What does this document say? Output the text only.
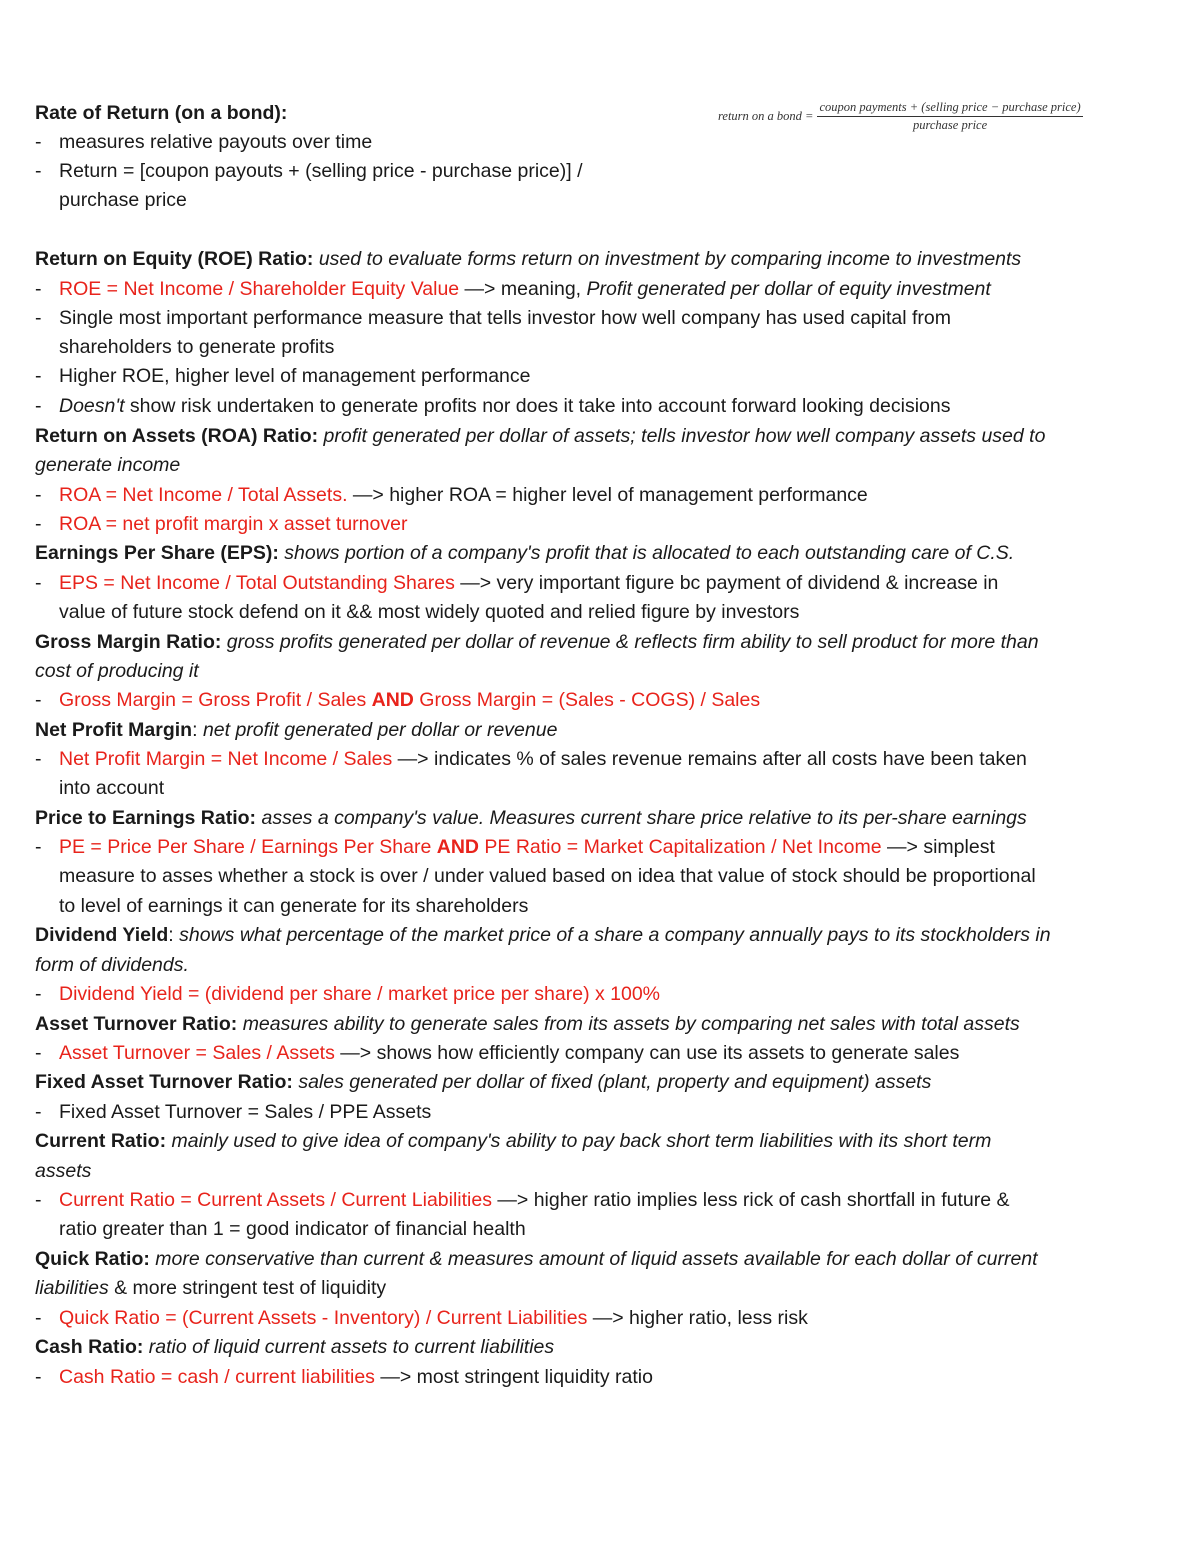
return on a bond = $\frac{\text{coupon payments + (selling price − purchase price)}}{\text{purchase price}}$
Rate of Return (on a bond):
- measures relative payouts over time
- Return = [coupon payouts + (selling price - purchase price)] /
purchase price
Return on Equity (ROE) Ratio: used to evaluate forms return on investment by comparing income to investments
- ROE = Net Income / Shareholder Equity Value —> meaning, Profit generated per dollar of equity investment
- Single most important performance measure that tells investor how well company has used capital from
shareholders to generate profits
- Higher ROE, higher level of management performance
- Doesn't show risk undertaken to generate profits nor does it take into account forward looking decisions
Return on Assets (ROA) Ratio: profit generated per dollar of assets; tells investor how well company assets used to
generate income
- ROA = Net Income / Total Assets. —> higher ROA = higher level of management performance
- ROA = net profit margin x asset turnover
Earnings Per Share (EPS): shows portion of a company's profit that is allocated to each outstanding care of C.S.
- EPS = Net Income / Total Outstanding Shares —> very important figure bc payment of dividend & increase in
value of future stock defend on it && most widely quoted and relied figure by investors
Gross Margin Ratio: gross profits generated per dollar of revenue & reflects firm ability to sell product for more than
cost of producing it
- Gross Margin = Gross Profit / Sales AND Gross Margin = (Sales - COGS) / Sales
Net Profit Margin: net profit generated per dollar or revenue
- Net Profit Margin = Net Income / Sales —> indicates % of sales revenue remains after all costs have been taken
into account
Price to Earnings Ratio: asses a company's value. Measures current share price relative to its per-share earnings
- PE = Price Per Share / Earnings Per Share AND PE Ratio = Market Capitalization / Net Income —> simplest
measure to asses whether a stock is over / under valued based on idea that value of stock should be proportional
to level of earnings it can generate for its shareholders
Dividend Yield: shows what percentage of the market price of a share a company annually pays to its stockholders in
form of dividends.
- Dividend Yield = (dividend per share / market price per share) x 100%
Asset Turnover Ratio: measures ability to generate sales from its assets by comparing net sales with total assets
- Asset Turnover = Sales / Assets —> shows how efficiently company can use its assets to generate sales
Fixed Asset Turnover Ratio: sales generated per dollar of fixed (plant, property and equipment) assets
- Fixed Asset Turnover = Sales / PPE Assets
Current Ratio: mainly used to give idea of company's ability to pay back short term liabilities with its short term
assets
- Current Ratio = Current Assets / Current Liabilities —> higher ratio implies less rick of cash shortfall in future &
ratio greater than 1 = good indicator of financial health
Quick Ratio: more conservative than current & measures amount of liquid assets available for each dollar of current
liabilities & more stringent test of liquidity
- Quick Ratio = (Current Assets - Inventory) / Current Liabilities —> higher ratio, less risk
Cash Ratio: ratio of liquid current assets to current liabilities
- Cash Ratio = cash / current liabilities —> most stringent liquidity ratio
